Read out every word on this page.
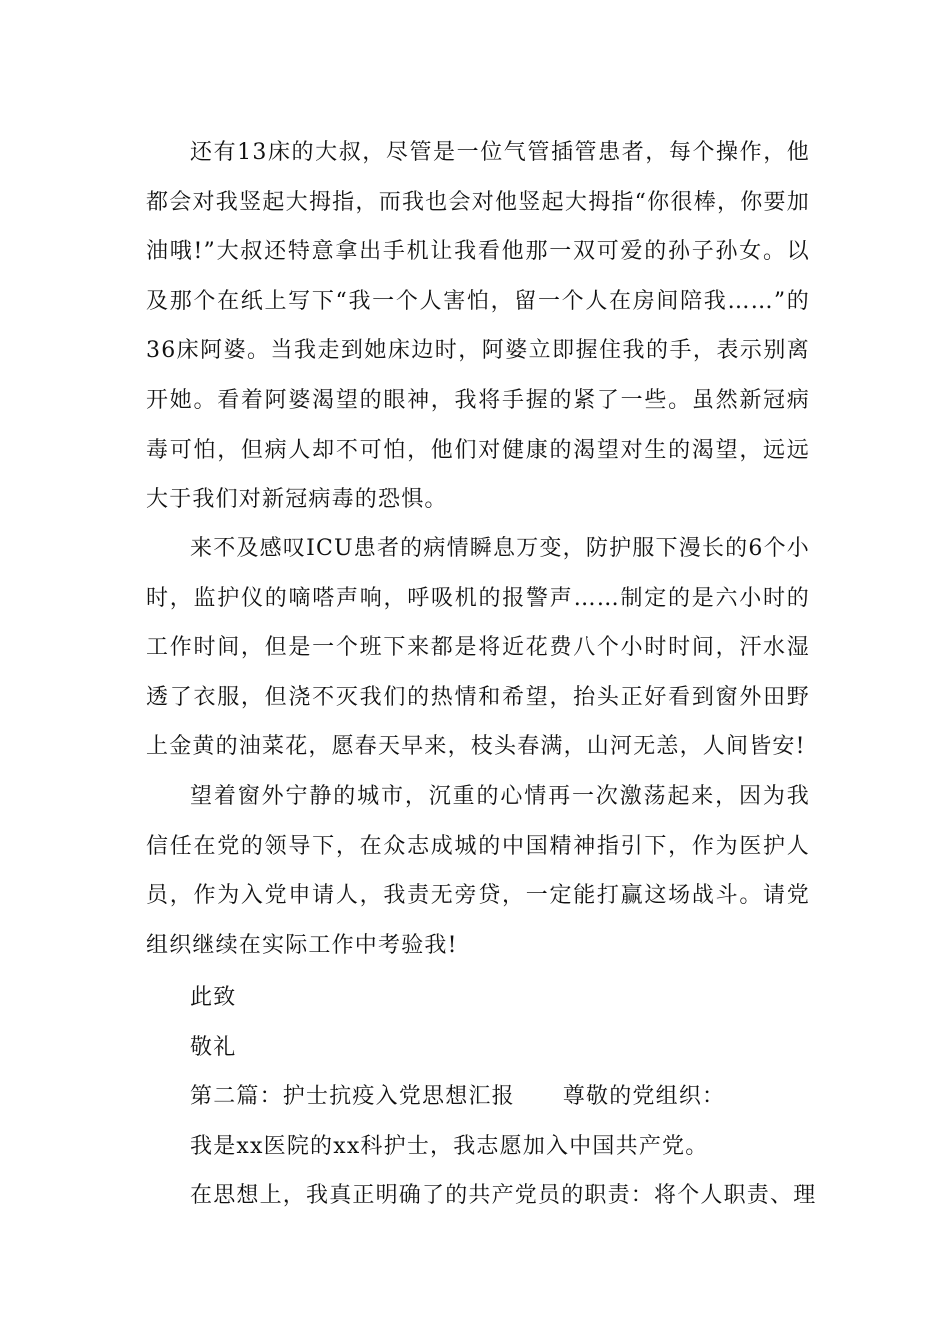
还有13床的大叔，尽管是一位气管插管患者，每个操作，他都会对我竖起大拇指，而我也会对他竖起大拇指“你很棒，你要加油哦!”大叔还特意拿出手机让我看他那一双可爱的孙子孙女。以及那个在纸上写下“我一个人害怕，留一个人在房间陪我……”的36床阿婆。当我走到她床边时，阿婆立即握住我的手，表示别离开她。看着阿婆渴望的眼神，我将手握的紧了一些。虽然新冠病毒可怕，但病人却不可怕，他们对健康的渴望对生的渴望，远远大于我们对新冠病毒的恐惧。

来不及感叹ICU患者的病情瞬息万变，防护服下漫长的6个小时，监护仪的嘀嗒声响，呼吸机的报警声……制定的是六小时的工作时间，但是一个班下来都是将近花费八个小时时间，汗水湿透了衣服，但浇不灭我们的热情和希望，抬头正好看到窗外田野上金黄的油菜花，愿春天早来，枝头春满，山河无恙，人间皆安!

望着窗外宁静的城市，沉重的心情再一次激荡起来，因为我信任在党的领导下，在众志成城的中国精神指引下，作为医护人员，作为入党申请人，我责无旁贷，一定能打赢这场战斗。请党组织继续在实际工作中考验我!

此致

敬礼

第二篇：护士抗疫入党思想汇报 尊敬的党组织：

我是xx医院的xx科护士，我志愿加入中国共产党。

在思想上，我真正明确了的共产党员的职责：将个人职责、理
